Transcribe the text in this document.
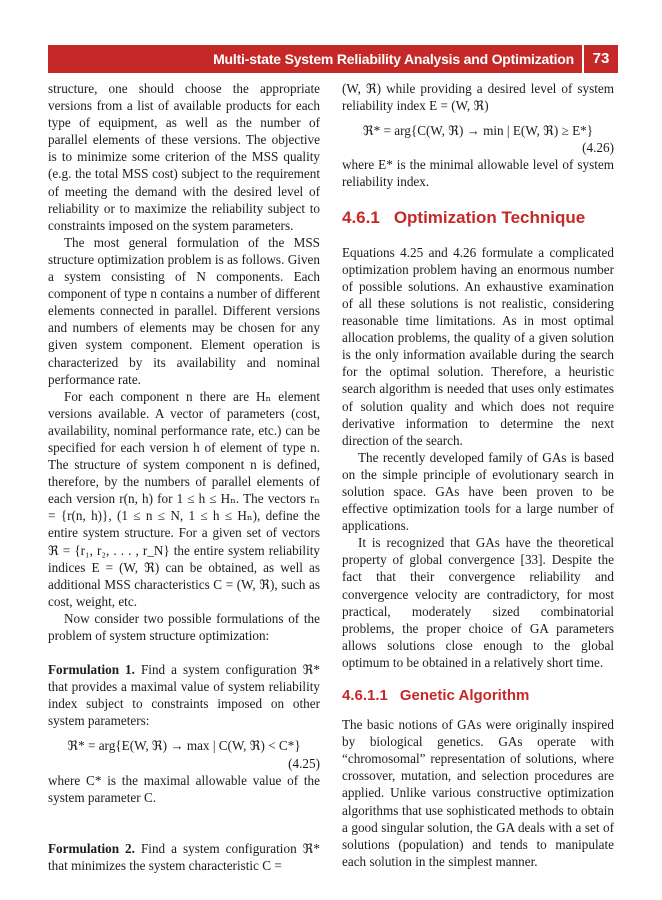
Multi-state System Reliability Analysis and Optimization	73

structure, one should choose the appropriate versions from a list of available products for each type of equipment, as well as the number of parallel elements of these versions. The objective is to minimize some criterion of the MSS quality (e.g. the total MSS cost) subject to the requirement of meeting the demand with the desired level of reliability or to maximize the reliability subject to constraints imposed on the system parameters.

The most general formulation of the MSS structure optimization problem is as follows. Given a system consisting of N components. Each component of type n contains a number of different elements connected in parallel. Different versions and numbers of elements may be chosen for any given system component. Element operation is characterized by its availability and nominal performance rate.

For each component n there are Hₙ element versions available. A vector of parameters (cost, availability, nominal performance rate, etc.) can be specified for each version h of element of type n. The structure of system component n is defined, therefore, by the numbers of parallel elements of each version r(n, h) for 1 ≤ h ≤ Hₙ. The vectors rₙ = {r(n, h)}, (1 ≤ n ≤ N, 1 ≤ h ≤ Hₙ), define the entire system structure. For a given set of vectors ℜ = {r₁, r₂, . . . , r_N} the entire system reliability indices E = (W, ℜ) can be obtained, as well as additional MSS characteristics C = (W, ℜ), such as cost, weight, etc.

Now consider two possible formulations of the problem of system structure optimization:

Formulation 1. Find a system configuration ℜ* that provides a maximal value of system reliability index subject to constraints imposed on other system parameters:

ℜ* = arg{E(W, ℜ) → max | C(W, ℜ) < C*}

(4.25)

where C* is the maximal allowable value of the system parameter C.

Formulation 2. Find a system configuration ℜ* that minimizes the system characteristic C =

(W, ℜ) while providing a desired level of system reliability index E = (W, ℜ)

ℜ* = arg{C(W, ℜ) → min | E(W, ℜ) ≥ E*}

(4.26)

where E* is the minimal allowable level of system reliability index.

4.6.1 Optimization Technique

Equations 4.25 and 4.26 formulate a complicated optimization problem having an enormous number of possible solutions. An exhaustive examination of all these solutions is not realistic, considering reasonable time limitations. As in most optimal allocation problems, the quality of a given solution is the only information available during the search for the optimal solution. Therefore, a heuristic search algorithm is needed that uses only estimates of solution quality and which does not require derivative information to determine the next direction of the search.

The recently developed family of GAs is based on the simple principle of evolutionary search in solution space. GAs have been proven to be effective optimization tools for a large number of applications.

It is recognized that GAs have the theoretical property of global convergence [33]. Despite the fact that their convergence reliability and convergence velocity are contradictory, for most practical, moderately sized combinatorial problems, the proper choice of GA parameters allows solutions close enough to the global optimum to be obtained in a relatively short time.

4.6.1.1 Genetic Algorithm

The basic notions of GAs were originally inspired by biological genetics. GAs operate with “chromosomal” representation of solutions, where crossover, mutation, and selection procedures are applied. Unlike various constructive optimization algorithms that use sophisticated methods to obtain a good singular solution, the GA deals with a set of solutions (population) and tends to manipulate each solution in the simplest manner.
